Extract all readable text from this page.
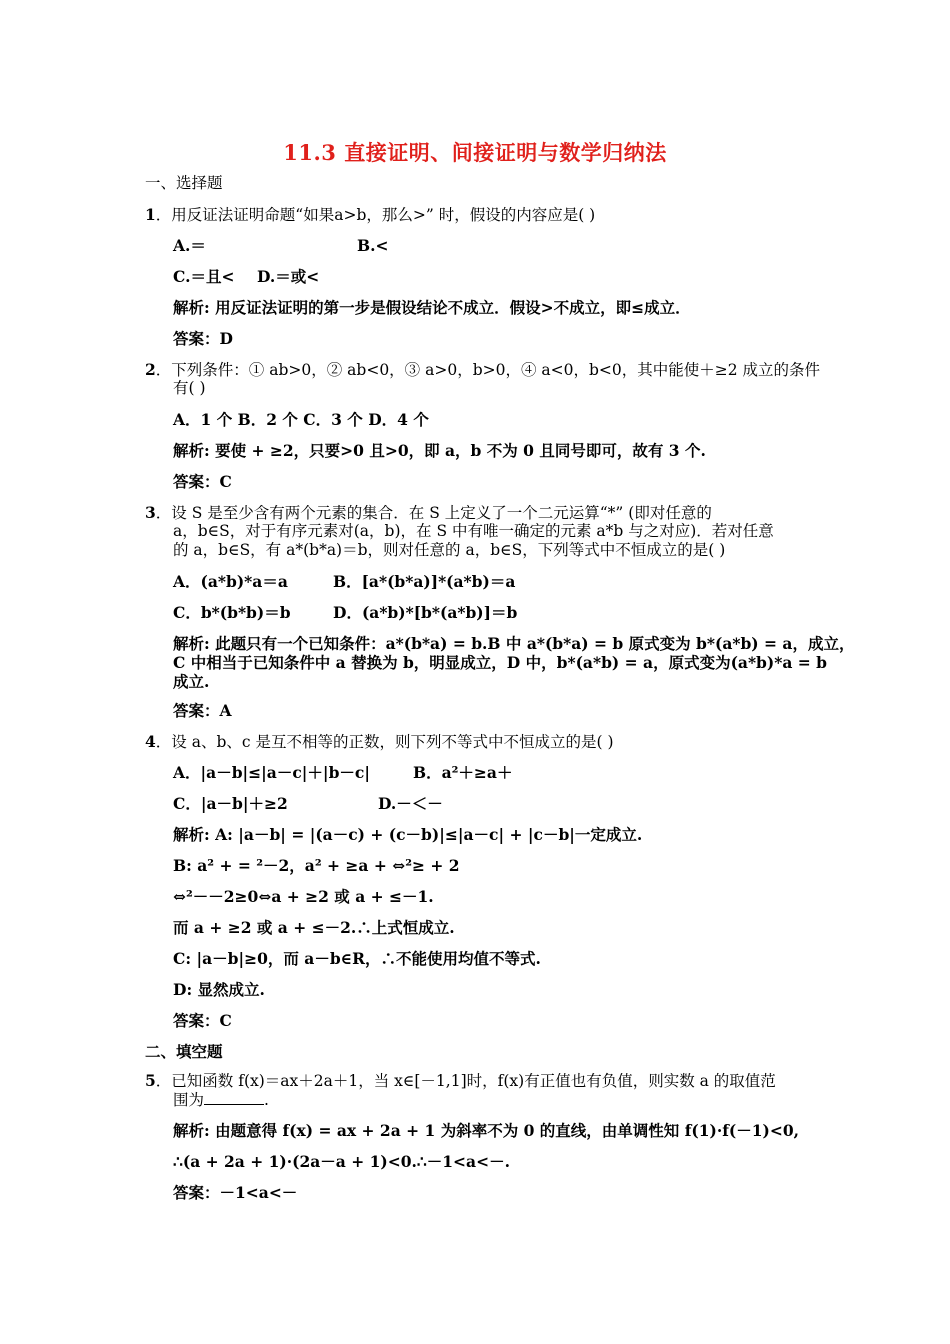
11.3 直接证明、间接证明与数学归纳法
一、选择题
1．用反证法证明命题“如果a>b，那么>” 时，假设的内容应是( )
A.＝	B.<
C.＝且< D.＝或<
解析: 用反证法证明的第一步是假设结论不成立．假设>不成立，即≤成立．
答案：D
2．下列条件：① ab>0，② ab<0，③ a>0，b>0，④ a<0，b<0，其中能使＋≥2 成立的条件
有( )
A．1 个 B．2 个 C．3 个 D．4 个
解析: 要使 + ≥2，只要>0 且>0，即 a，b 不为 0 且同号即可，故有 3 个.
答案：C
3．设 S 是至少含有两个元素的集合．在 S 上定义了一个二元运算“*” (即对任意的
a，b∈S，对于有序元素对(a，b)，在 S 中有唯一确定的元素 a*b 与之对应)．若对任意
的 a，b∈S，有 a*(b*a)＝b，则对任意的 a，b∈S，下列等式中不恒成立的是( )
A．(a*b)*a＝a	B．[a*(b*a)]*(a*b)＝a
C．b*(b*b)＝b	D．(a*b)*[b*(a*b)]＝b
解析: 此题只有一个已知条件：a*(b*a) = b.B 中 a*(b*a) = b 原式变为 b*(a*b) = a，成立，
C 中相当于已知条件中 a 替换为 b，明显成立，D 中，b*(a*b) = a，原式变为(a*b)*a = b
成立.
答案：A
4．设 a、b、c 是互不相等的正数，则下列不等式中不恒成立的是( )
A．|a－b|≤|a－c|＋|b－c|	B．a²＋≥a＋
C．|a－b|＋≥2	D.－＜－
解析: A: |a－b| = |(a－c) + (c－b)|≤|a－c| + |c－b|一定成立.
B: a² + = ²－2，a² + ≥a + ⇔²≥ + 2
⇔²－－2≥0⇔a + ≥2 或 a + ≤－1.
而 a + ≥2 或 a + ≤－2.∴上式恒成立.
C: |a－b|≥0，而 a－b∈R，∴不能使用均值不等式.
D: 显然成立.
答案：C
二、填空题
5．已知函数 f(x)＝ax＋2a＋1，当 x∈[－1,1]时，f(x)有正值也有负值，则实数 a 的取值范
围为	.
解析: 由题意得 f(x) = ax + 2a + 1 为斜率不为 0 的直线，由单调性知 f(1)·f(－1)<0,
∴(a + 2a + 1)·(2a－a + 1)<0.∴－1<a<－.
答案：－1<a<－
